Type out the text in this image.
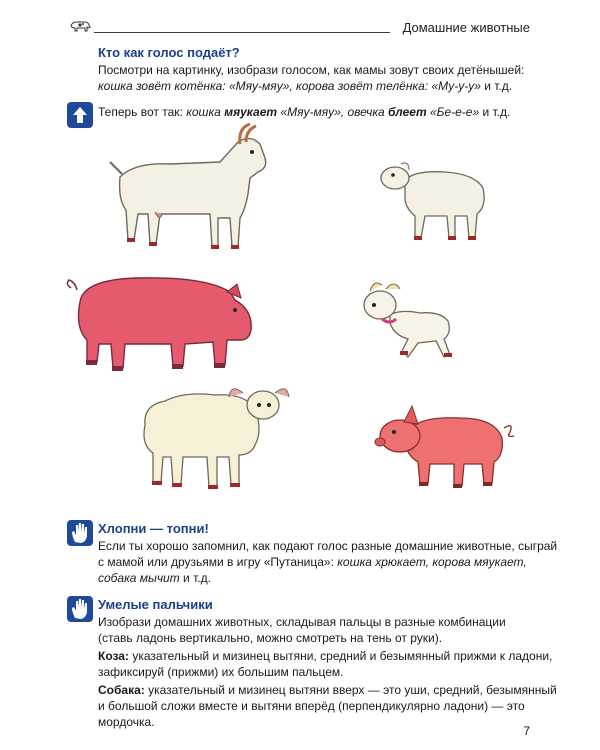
Домашние животные
Кто как голос подаёт?
Посмотри на картинку, изобрази голосом, как мамы зовут своих детёнышей:
кошка зовёт котёнка: «Мяу-мяу», корова зовёт телёнка: «Му-у-у» и т.д.
Теперь вот так: кошка мяукает «Мяу-мяу», овечка блеет «Бе-е-е» и т.д.
Хлопни — топни!
Если ты хорошо запомнил, как подают голос разные домашние животные, сыграй
с мамой или друзьями в игру «Путаница»: кошка хрюкает, корова мяукает,
собака мычит и т.д.
Умелые пальчики
Изобрази домашних животных, складывая пальцы в разные комбинации
(ставь ладонь вертикально, можно смотреть на тень от руки).
Коза: указательный и мизинец вытяни, средний и безымянный прижми к ладони,
зафиксируй (прижми) их большим пальцем.
Собака: указательный и мизинец вытяни вверх — это уши, средний, безымянный
и большой сложи вместе и вытяни вперёд (перпендикулярно ладони) — это
мордочка.
7
